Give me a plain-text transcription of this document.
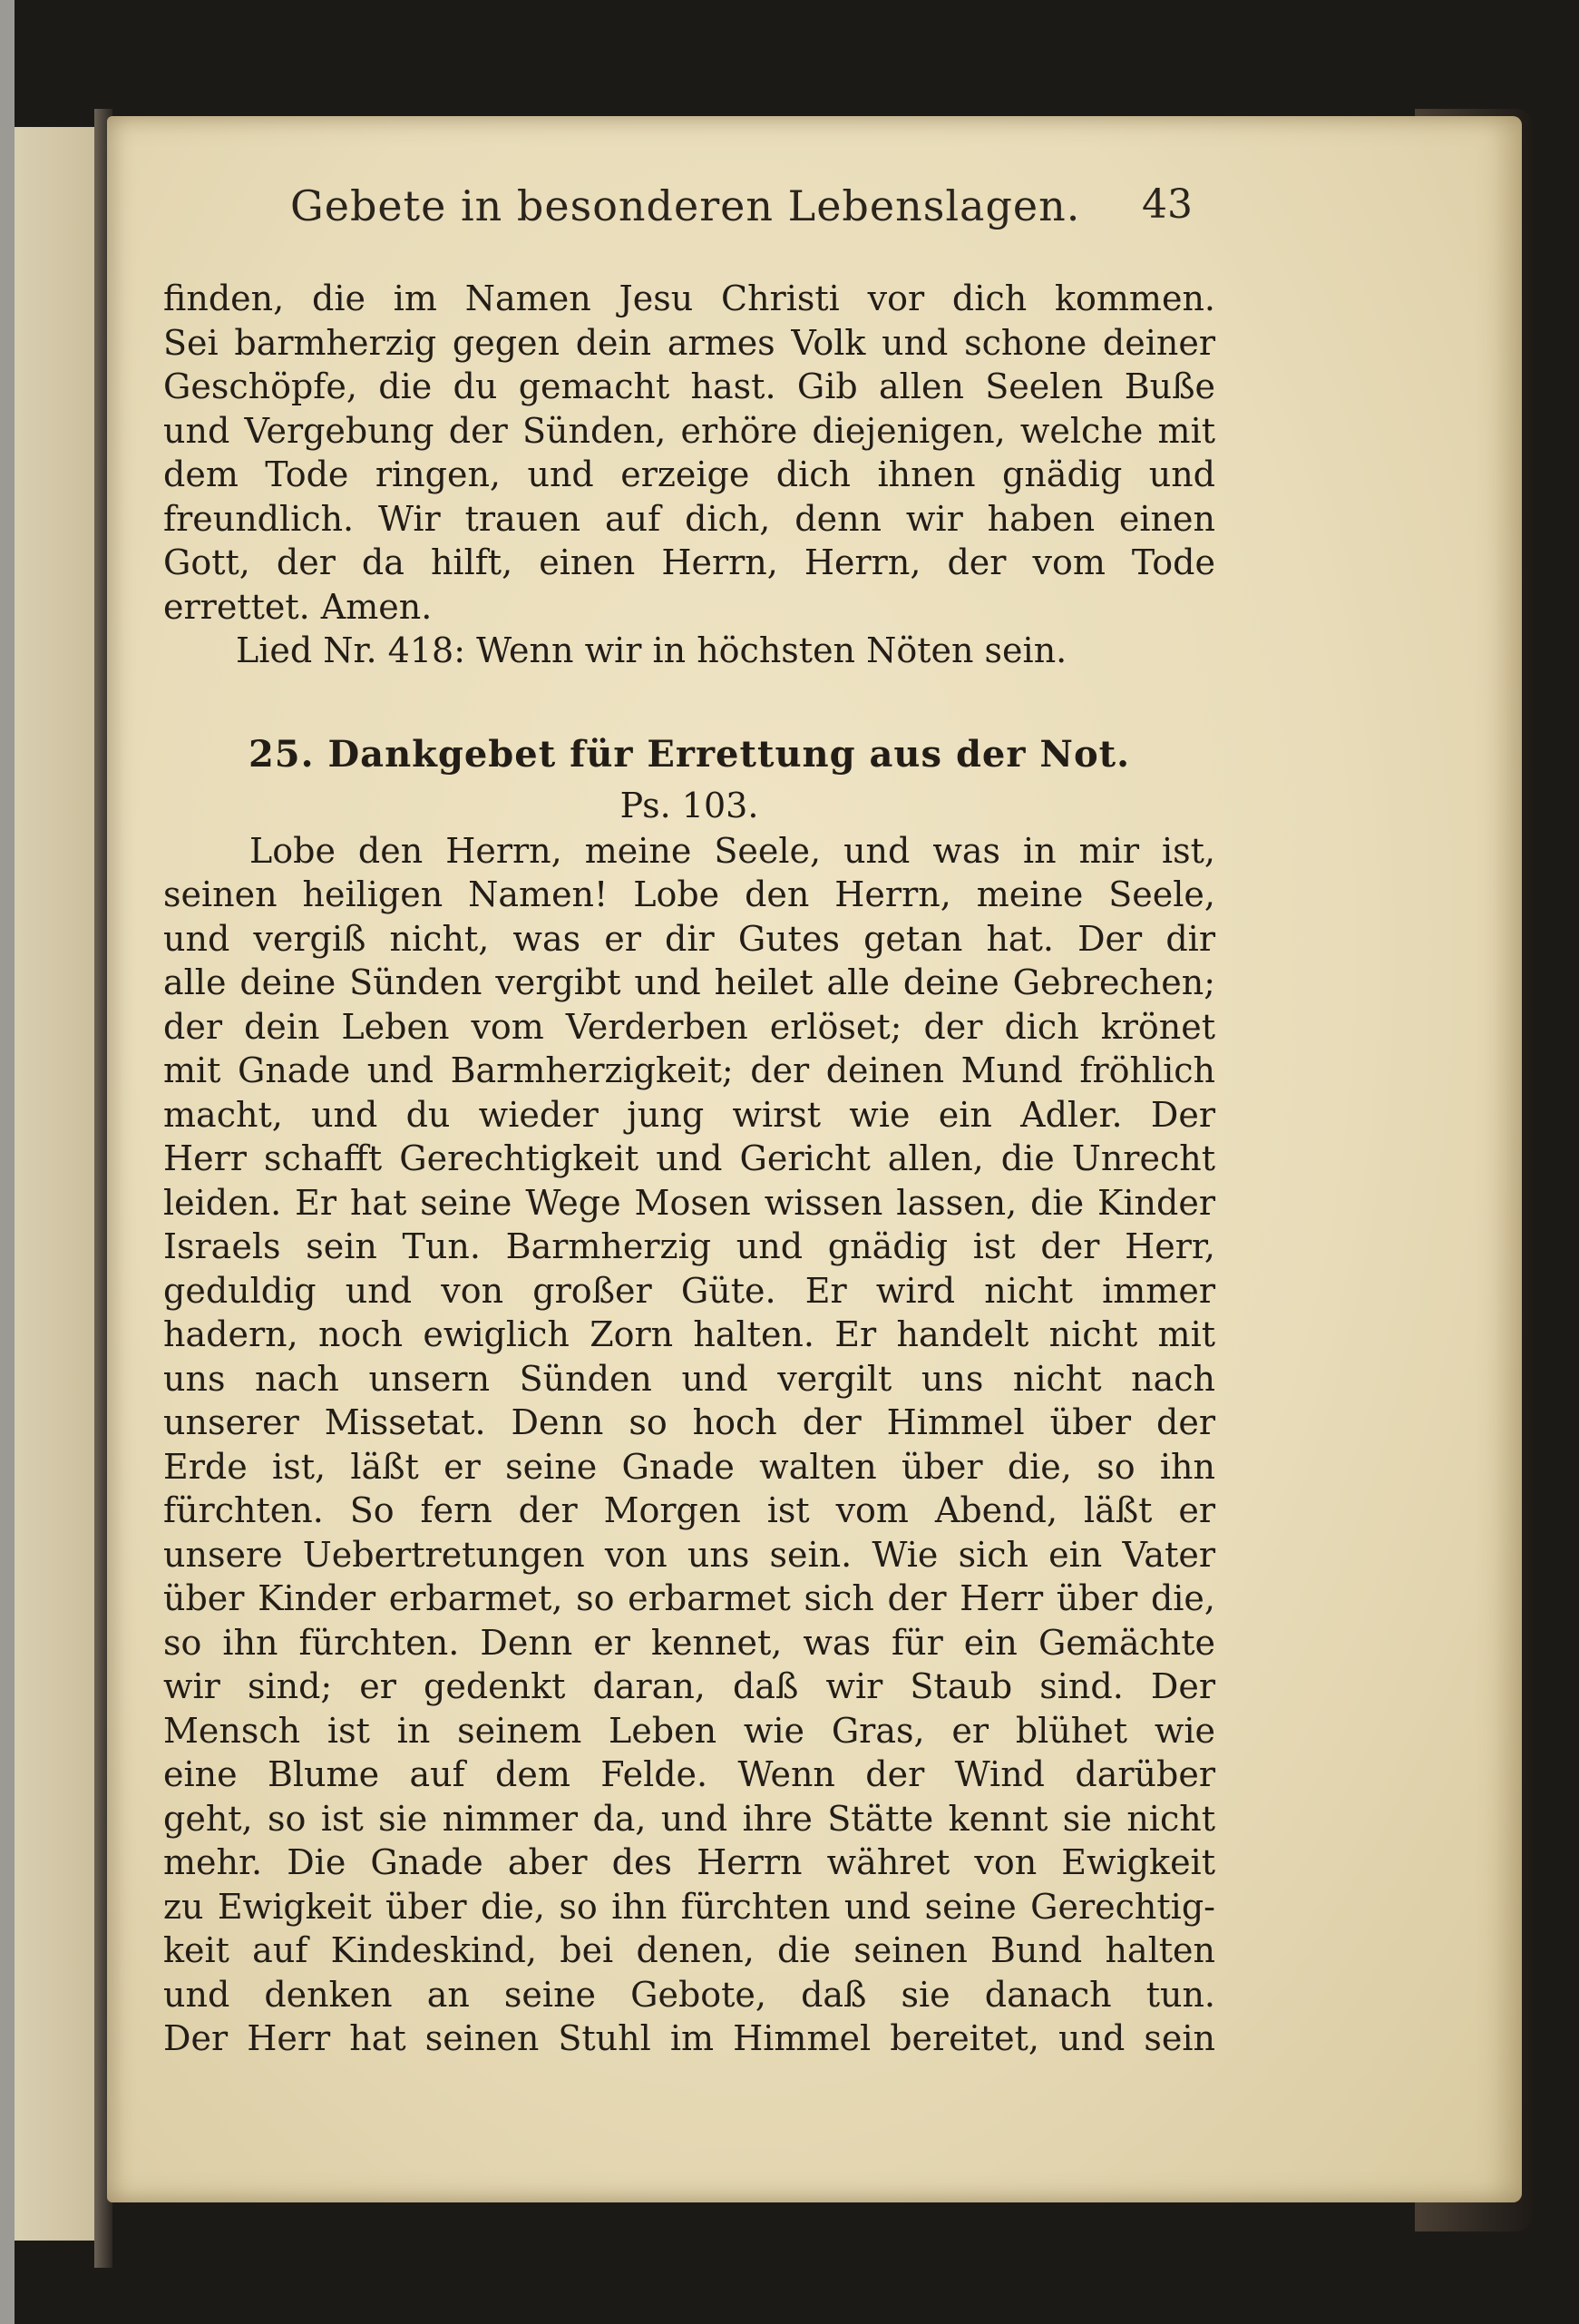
Gebete in besonderen Lebenslagen. 43
finden, die im Namen Jesu Christi vor dich kommen.
Sei barmherzig gegen dein armes Volk und schone deiner
Geschöpfe, die du gemacht hast. Gib allen Seelen Buße
und Vergebung der Sünden, erhöre diejenigen, welche mit
dem Tode ringen, und erzeige dich ihnen gnädig und
freundlich. Wir trauen auf dich, denn wir haben einen
Gott, der da hilft, einen Herrn, Herrn, der vom Tode
errettet. Amen.
Lied Nr. 418: Wenn wir in höchsten Nöten sein.
25. Dankgebet für Errettung aus der Not.
Ps. 103.
Lobe den Herrn, meine Seele, und was in mir ist,
seinen heiligen Namen! Lobe den Herrn, meine Seele,
und vergiß nicht, was er dir Gutes getan hat. Der dir
alle deine Sünden vergibt und heilet alle deine Gebrechen;
der dein Leben vom Verderben erlöset; der dich krönet
mit Gnade und Barmherzigkeit; der deinen Mund fröhlich
macht, und du wieder jung wirst wie ein Adler. Der
Herr schafft Gerechtigkeit und Gericht allen, die Unrecht
leiden. Er hat seine Wege Mosen wissen lassen, die Kinder
Israels sein Tun. Barmherzig und gnädig ist der Herr,
geduldig und von großer Güte. Er wird nicht immer
hadern, noch ewiglich Zorn halten. Er handelt nicht mit
uns nach unsern Sünden und vergilt uns nicht nach
unserer Missetat. Denn so hoch der Himmel über der
Erde ist, läßt er seine Gnade walten über die, so ihn
fürchten. So fern der Morgen ist vom Abend, läßt er
unsere Uebertretungen von uns sein. Wie sich ein Vater
über Kinder erbarmet, so erbarmet sich der Herr über die,
so ihn fürchten. Denn er kennet, was für ein Gemächte
wir sind; er gedenkt daran, daß wir Staub sind. Der
Mensch ist in seinem Leben wie Gras, er blühet wie
eine Blume auf dem Felde. Wenn der Wind darüber
geht, so ist sie nimmer da, und ihre Stätte kennt sie nicht
mehr. Die Gnade aber des Herrn währet von Ewigkeit
zu Ewigkeit über die, so ihn fürchten und seine Gerechtig-
keit auf Kindeskind, bei denen, die seinen Bund halten
und denken an seine Gebote, daß sie danach tun.
Der Herr hat seinen Stuhl im Himmel bereitet, und sein
